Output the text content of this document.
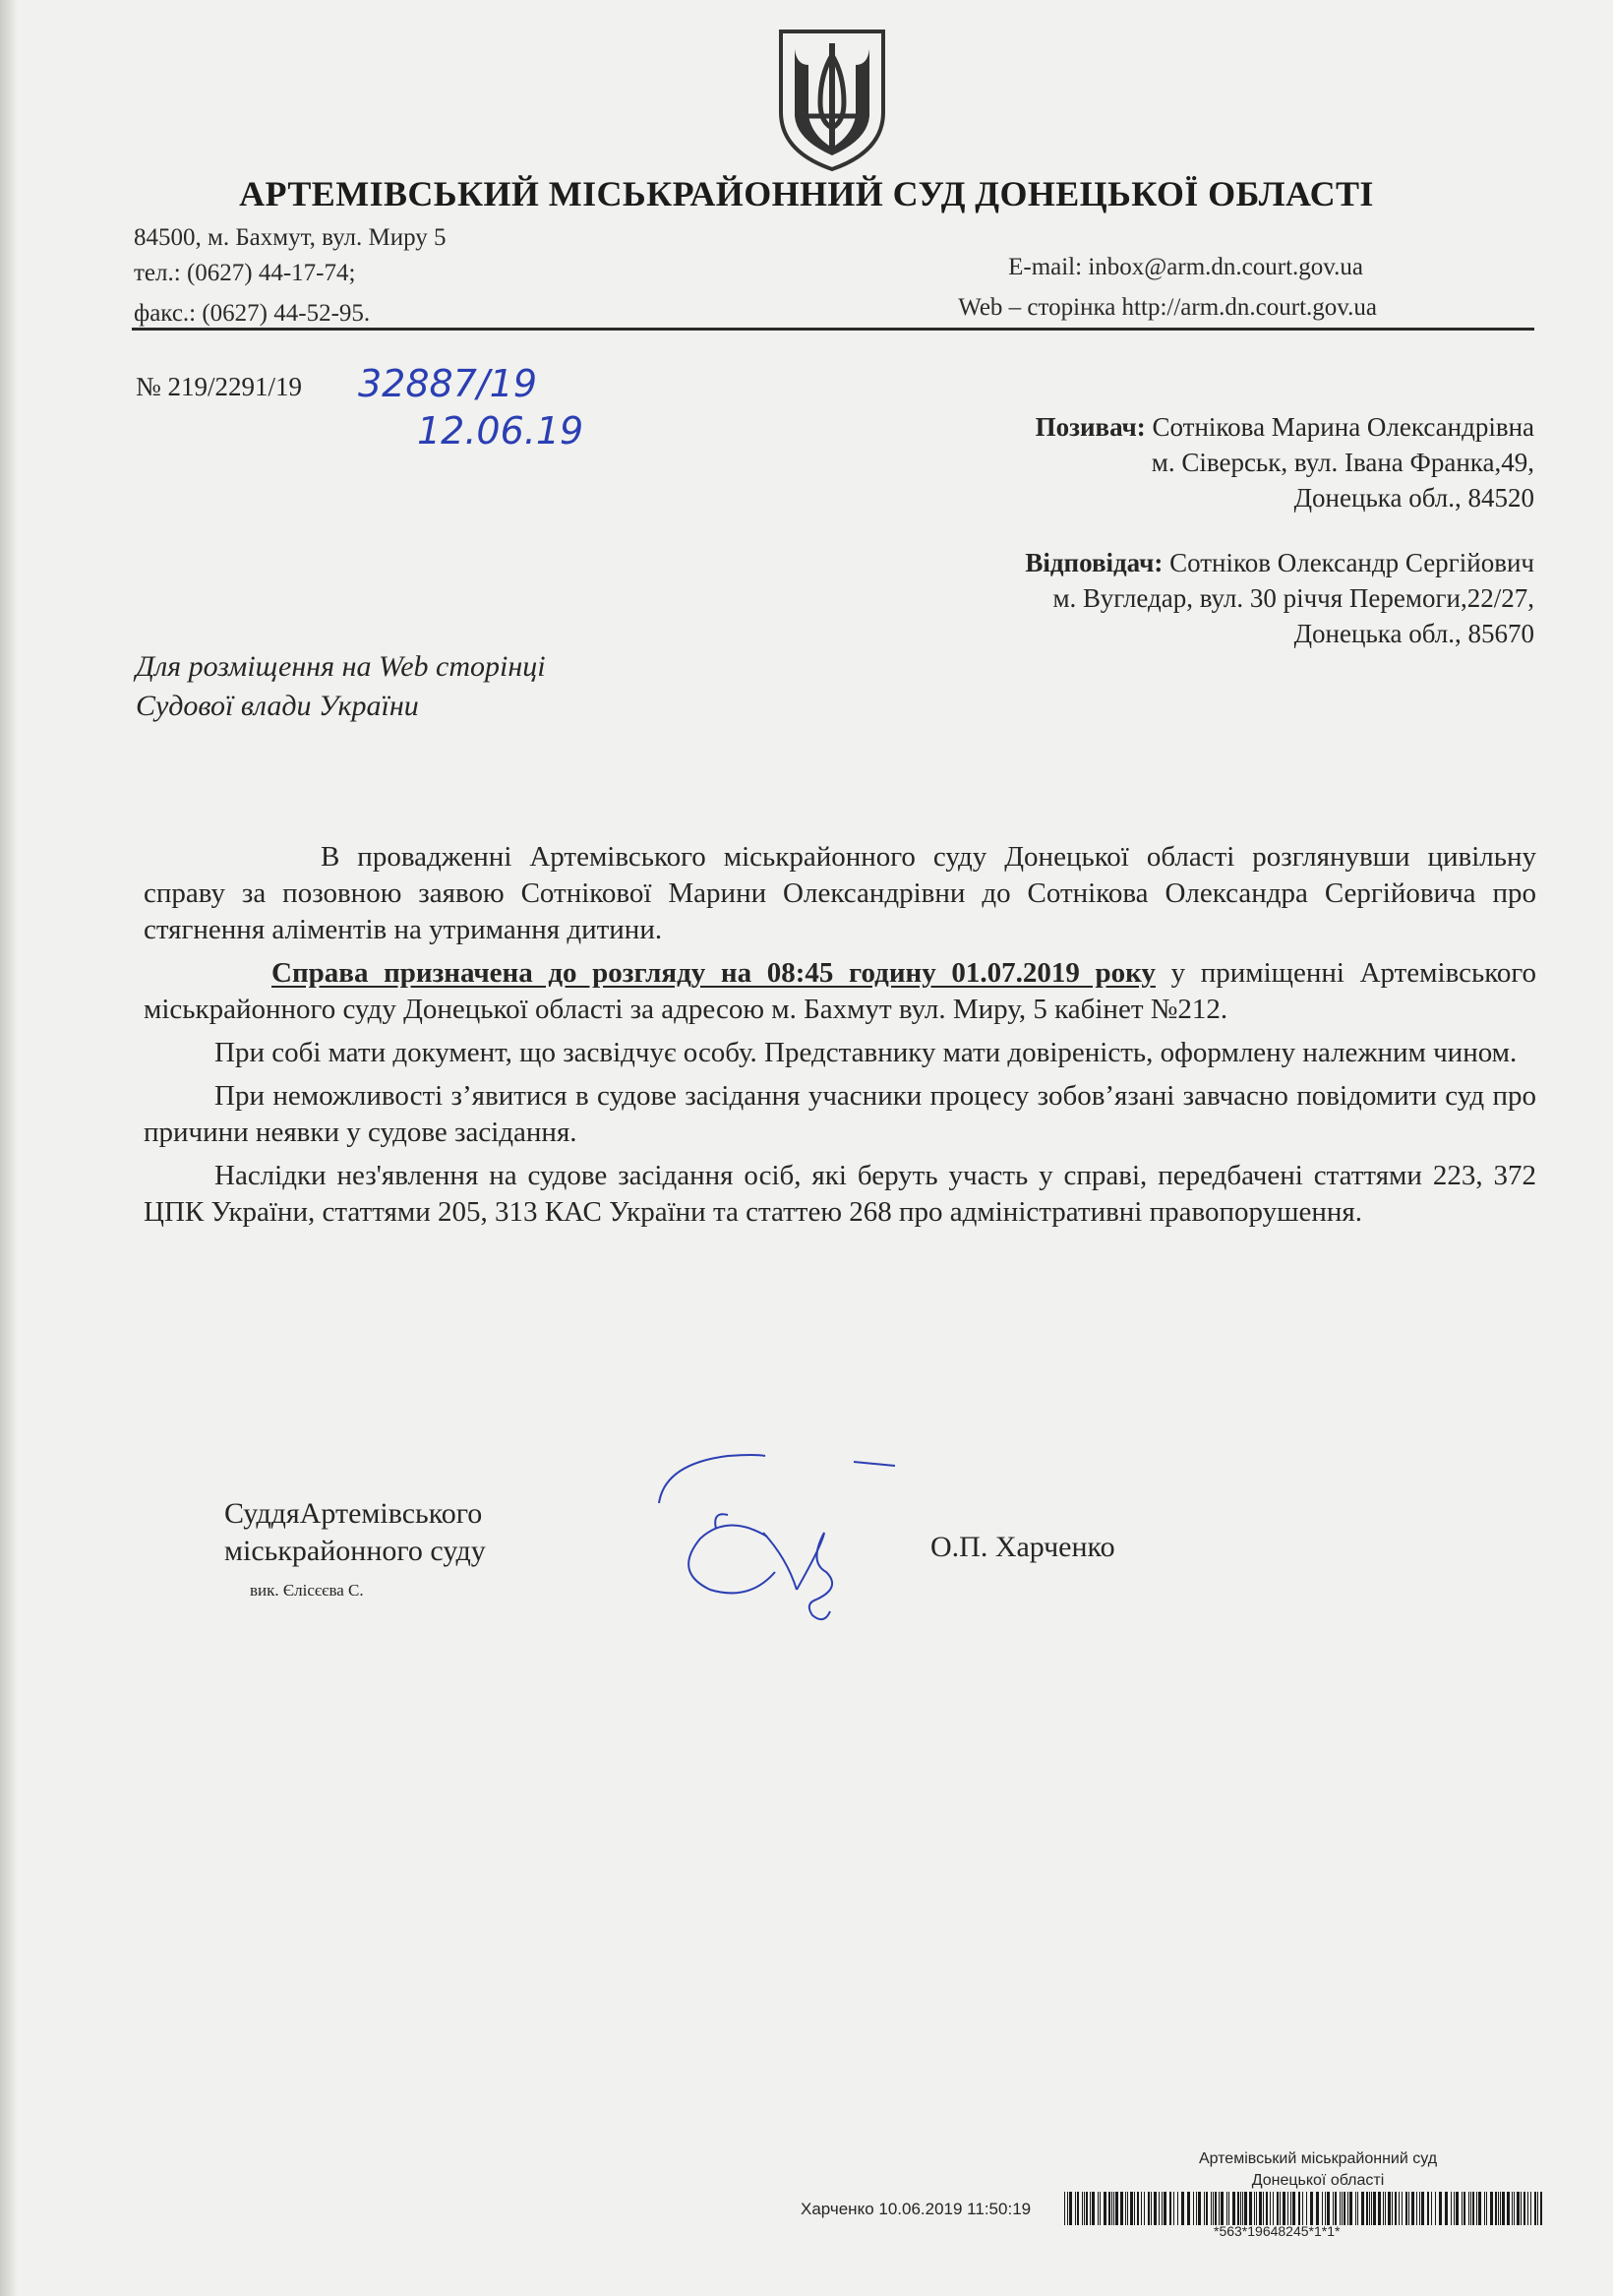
АРТЕМІВСЬКИЙ МІСЬКРАЙОННИЙ СУД ДОНЕЦЬКОЇ ОБЛАСТІ
84500, м. Бахмут, вул. Миру 5
тел.: (0627) 44-17-74;
факс.: (0627) 44-52-95.
E-mail: inbox@arm.dn.court.gov.ua
Web – сторінка http://arm.dn.court.gov.ua
№ 219/2291/19 32887/19
12.06.19	Позивач: Сотнікова Марина Олександрівна
м. Сіверськ, вул. Івана Франка,49,
Донецька обл., 84520
Відповідач: Сотніков Олександр Сергійович
м. Вугледар, вул. 30 річчя Перемоги,22/27,
Донецька обл., 85670
Для розміщення на Web сторінці
Судової влади України

В провадженні Артемівського міськрайонного суду Донецької області розглянувши цивільну справу за позовною заявою Сотнікової Марини Олександрівни до Сотнікова Олександра Сергійовича про стягнення аліментів на утримання дитини.

Справа призначена до розгляду на 08:45 годину 01.07.2019 року у приміщенні Артемівського міськрайонного суду Донецької області за адресою м. Бахмут вул. Миру, 5 кабінет №212.

При собі мати документ, що засвідчує особу. Представнику мати довіреність, оформлену належним чином.

При неможливості з’явитися в судове засідання учасники процесу зобов’язані завчасно повідомити суд про причини неявки у судове засідання.

Наслідки нез'явлення на судове засідання осіб, які беруть участь у справі, передбачені статтями 223, 372 ЦПК України, статтями 205, 313 КАС України та статтею 268 про адміністративні правопорушення.

СуддяАртемівського
міськрайонного суду
вик. Єлісєєва С.
О.П. Харченко
Артемівський міськрайонний суд
Донецької області
Харченко 10.06.2019 11:50:19
*563*19648245*1*1*
